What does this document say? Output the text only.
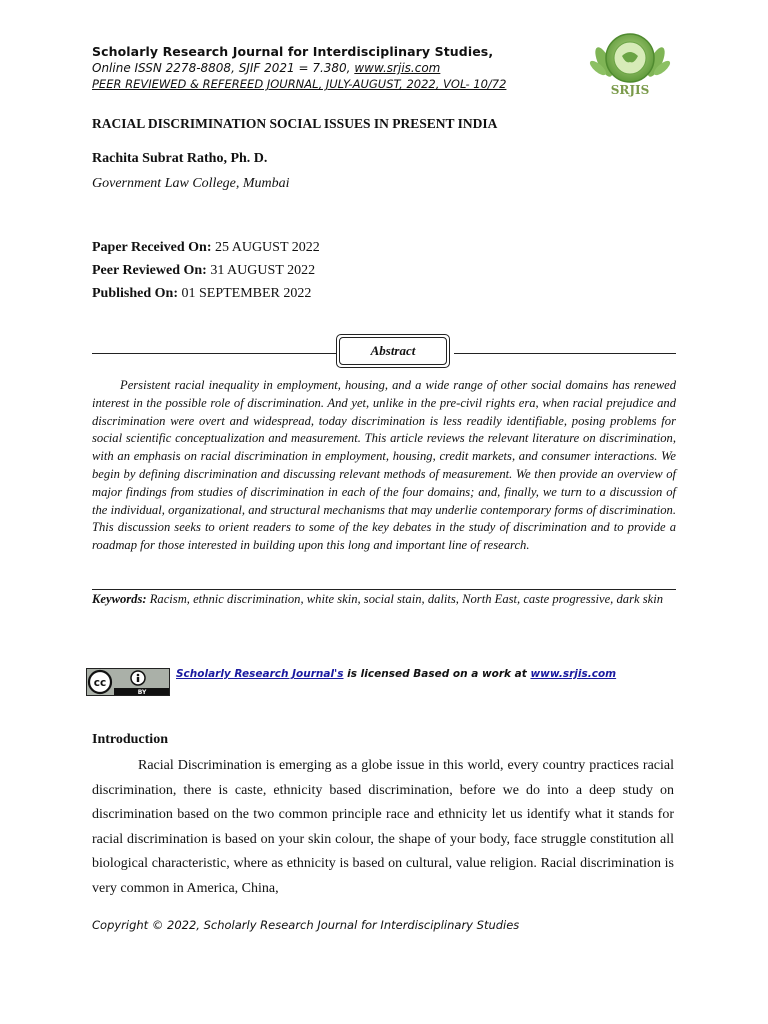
Scholarly Research Journal for Interdisciplinary Studies,
Online ISSN 2278-8808, SJIF 2021 = 7.380, www.srjis.com
PEER REVIEWED & REFEREED JOURNAL, JULY-AUGUST, 2022, VOL- 10/72	SRJIS
RACIAL DISCRIMINATION SOCIAL ISSUES IN PRESENT INDIA
Rachita Subrat Ratho, Ph. D.
Government Law College, Mumbai
Paper Received On: 25 AUGUST 2022
Peer Reviewed On: 31 AUGUST 2022
Published On: 01 SEPTEMBER 2022
Abstract

Persistent racial inequality in employment, housing, and a wide range of other social domains has renewed interest in the possible role of discrimination. And yet, unlike in the pre-civil rights era, when racial prejudice and discrimination were overt and widespread, today discrimination is less readily identifiable, posing problems for social scientific conceptualization and measurement. This article reviews the relevant literature on discrimination, with an emphasis on racial discrimination in employment, housing, credit markets, and consumer interactions. We begin by defining discrimination and discussing relevant methods of measurement. We then provide an overview of major findings from studies of discrimination in each of the four domains; and, finally, we turn to a discussion of the individual, organizational, and structural mechanisms that may underlie contemporary forms of discrimination. This discussion seeks to orient readers to some of the key debates in the study of discrimination and to provide a roadmap for those interested in building upon this long and important line of research.

Keywords: Racism, ethnic discrimination, white skin, social stain, dalits, North East, caste progressive, dark skin
BY
cc
Scholarly Research Journal's is licensed Based on a work at www.srjis.com
Introduction

Racial Discrimination is emerging as a globe issue in this world, every country practices racial discrimination, there is caste, ethnicity based discrimination, before we do into a deep study on discrimination based on the two common principle race and ethnicity let us identify what it stands for racial discrimination is based on your skin colour, the shape of your body, face struggle constitution all biological characteristic, where as ethnicity is based on cultural, value religion. Racial discrimination is very common in America, China,

Copyright © 2022, Scholarly Research Journal for Interdisciplinary Studies
